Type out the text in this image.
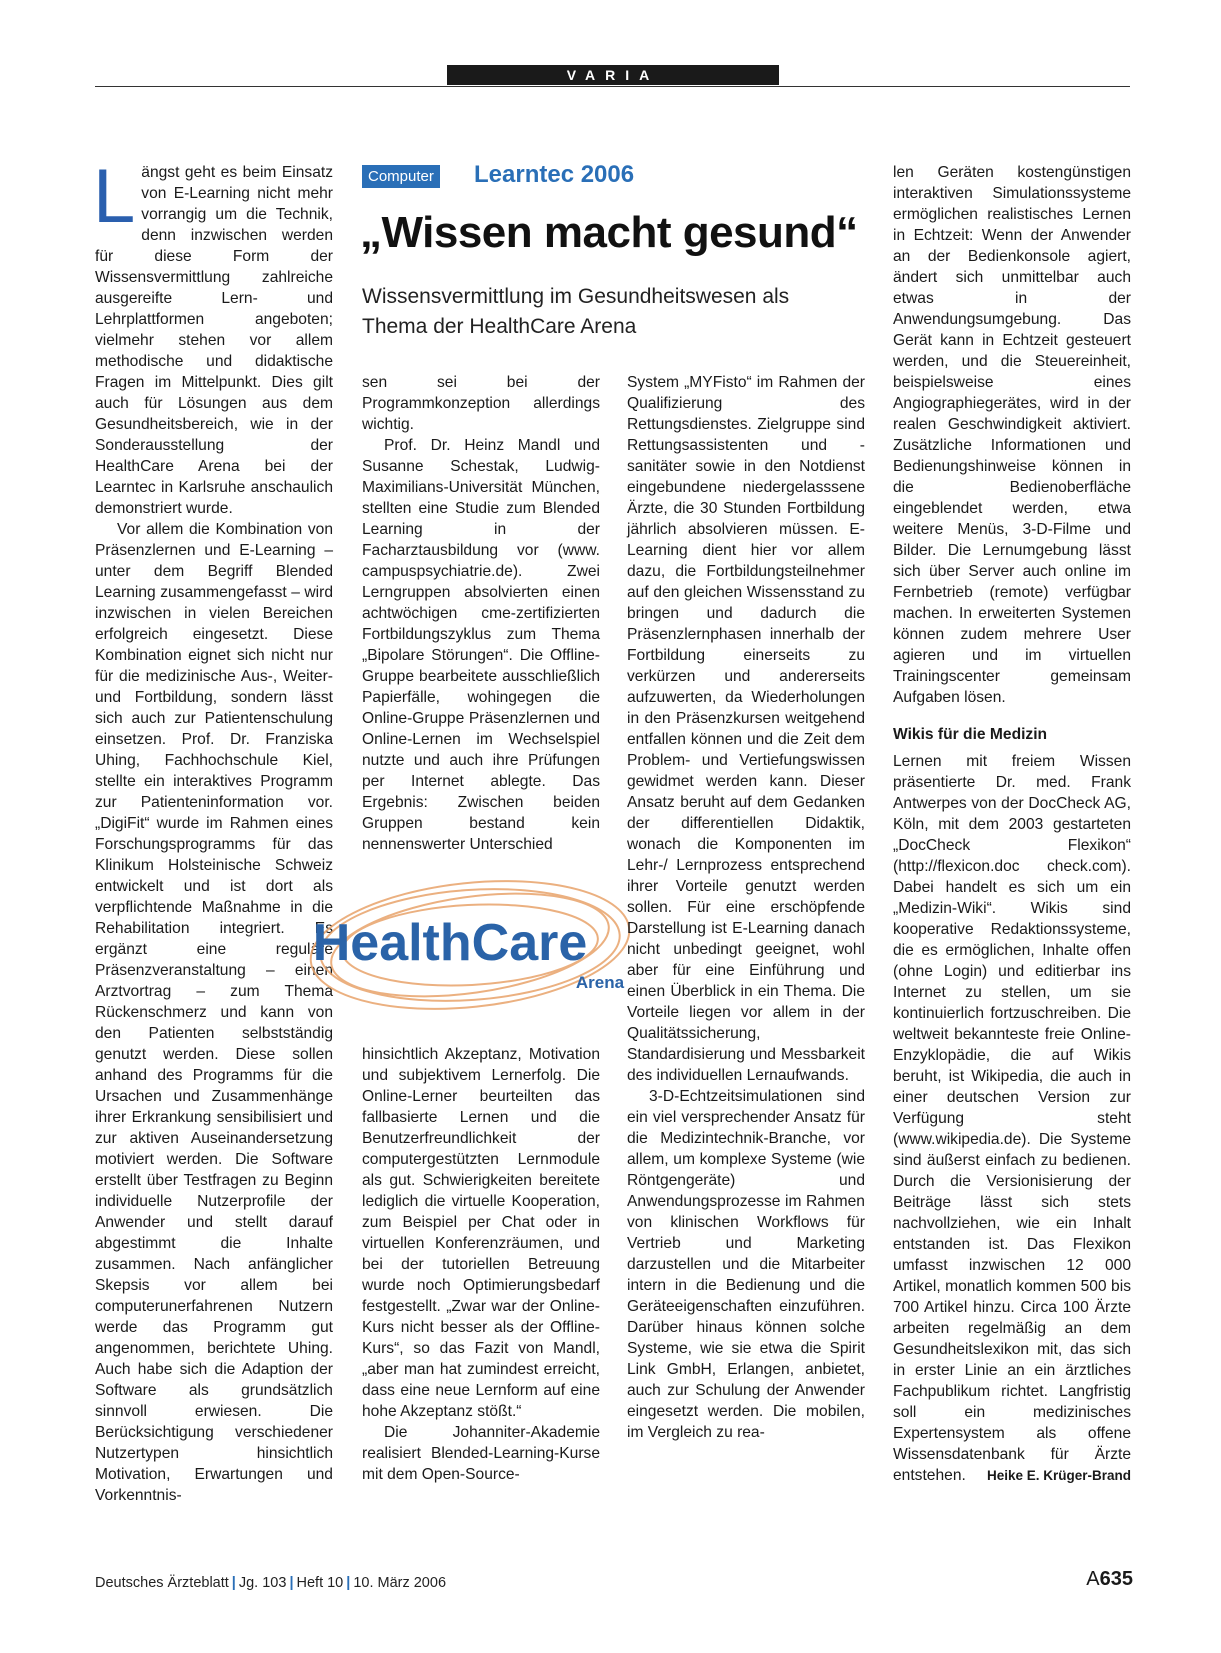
VARIA

Längst geht es beim Einsatz von E-Learning nicht mehr vorrangig um die Technik, denn inzwischen werden für diese Form der Wissensvermittlung zahlreiche ausgereifte Lern- und Lehrplattformen angeboten; vielmehr stehen vor allem methodische und didaktische Fragen im Mittelpunkt. Dies gilt auch für Lösungen aus dem Gesundheitsbereich, wie in der Sonderausstellung der HealthCare Arena bei der Learntec in Karlsruhe anschaulich demonstriert wurde.

Vor allem die Kombination von Präsenzlernen und E-Learning – unter dem Begriff Blended Learning zusammengefasst – wird inzwischen in vielen Bereichen erfolgreich eingesetzt. Diese Kombination eignet sich nicht nur für die medizinische Aus-, Weiter- und Fortbildung, sondern lässt sich auch zur Patientenschulung einsetzen. Prof. Dr. Franziska Uhing, Fachhochschule Kiel, stellte ein interaktives Programm zur Patienteninformation vor. „DigiFit“ wurde im Rahmen eines Forschungsprogramms für das Klinikum Holsteinische Schweiz entwickelt und ist dort als verpflichtende Maßnahme in die Rehabilitation integriert. Es ergänzt eine reguläre Präsenzveranstaltung – einen Arztvortrag – zum Thema Rückenschmerz und kann von den Patienten selbstständig genutzt werden. Diese sollen anhand des Programms für die Ursachen und Zusammenhänge ihrer Erkrankung sensibilisiert und zur aktiven Auseinandersetzung motiviert werden. Die Software erstellt über Testfragen zu Beginn individuelle Nutzerprofile der Anwender und stellt darauf abgestimmt die Inhalte zusammen. Nach anfänglicher Skepsis vor allem bei computerunerfahrenen Nutzern werde das Programm gut angenommen, berichtete Uhing. Auch habe sich die Adaption der Software als grundsätzlich sinnvoll erwiesen. Die Berücksichtigung verschiedener Nutzertypen hinsichtlich Motivation, Erwartungen und Vorkenntnis-

Computer Learntec 2006
„Wissen macht gesund“
Wissensvermittlung im Gesundheitswesen als Thema der HealthCare Arena

sen sei bei der Programmkonzeption allerdings wichtig.

Prof. Dr. Heinz Mandl und Susanne Schestak, Ludwig-Maximilians-Universität München, stellten eine Studie zum Blended Learning in der Facharztausbildung vor (www. campuspsychiatrie.de). Zwei Lerngruppen absolvierten einen achtwöchigen cme-zertifizierten Fortbildungszyklus zum Thema „Bipolare Störungen“. Die Offline-Gruppe bearbeitete ausschließlich Papierfälle, wohingegen die Online-Gruppe Präsenzlernen und Online-Lernen im Wechselspiel nutzte und auch ihre Prüfungen per Internet ablegte. Das Ergebnis: Zwischen beiden Gruppen bestand kein nennenswerter Unterschied

HealthCare
Arena

hinsichtlich Akzeptanz, Motivation und subjektivem Lernerfolg. Die Online-Lerner beurteilten das fallbasierte Lernen und die Benutzerfreundlichkeit der computergestützten Lernmodule als gut. Schwierigkeiten bereitete lediglich die virtuelle Kooperation, zum Beispiel per Chat oder in virtuellen Konferenzräumen, und bei der tutoriellen Betreuung wurde noch Optimierungsbedarf festgestellt. „Zwar war der Online-Kurs nicht besser als der Offline-Kurs“, so das Fazit von Mandl, „aber man hat zumindest erreicht, dass eine neue Lernform auf eine hohe Akzeptanz stößt.“

Die Johanniter-Akademie realisiert Blended-Learning-Kurse mit dem Open-Source-

System „MYFisto“ im Rahmen der Qualifizierung des Rettungsdienstes. Zielgruppe sind Rettungsassistenten und -sanitäter sowie in den Notdienst eingebundene niedergelasssene Ärzte, die 30 Stunden Fortbildung jährlich absolvieren müssen. E-Learning dient hier vor allem dazu, die Fortbildungsteilnehmer auf den gleichen Wissensstand zu bringen und dadurch die Präsenzlernphasen innerhalb der Fortbildung einerseits zu verkürzen und andererseits aufzuwerten, da Wiederholungen in den Präsenzkursen weitgehend entfallen können und die Zeit dem Problem- und Vertiefungswissen gewidmet werden kann. Dieser Ansatz beruht auf dem Gedanken der differentiellen Didaktik, wonach die Komponenten im Lehr-/ Lernprozess entsprechend ihrer Vorteile genutzt werden sollen. Für eine erschöpfende Darstellung ist E-Learning danach nicht unbedingt geeignet, wohl aber für eine Einführung und einen Überblick in ein Thema. Die Vorteile liegen vor allem in der Qualitätssicherung, Standardisierung und Messbarkeit des individuellen Lernaufwands.

3-D-Echtzeitsimulationen sind ein viel versprechender Ansatz für die Medizintechnik-Branche, vor allem, um komplexe Systeme (wie Röntgengeräte) und Anwendungsprozesse im Rahmen von klinischen Workflows für Vertrieb und Marketing darzustellen und die Mitarbeiter intern in die Bedienung und die Geräteeigenschaften einzuführen. Darüber hinaus können solche Systeme, wie sie etwa die Spirit Link GmbH, Erlangen, anbietet, auch zur Schulung der Anwender eingesetzt werden. Die mobilen, im Vergleich zu rea-

len Geräten kostengünstigen interaktiven Simulationssysteme ermöglichen realistisches Lernen in Echtzeit: Wenn der Anwender an der Bedienkonsole agiert, ändert sich unmittelbar auch etwas in der Anwendungsumgebung. Das Gerät kann in Echtzeit gesteuert werden, und die Steuereinheit, beispielsweise eines Angiographiegerätes, wird in der realen Geschwindigkeit aktiviert. Zusätzliche Informationen und Bedienungshinweise können in die Bedienoberfläche eingeblendet werden, etwa weitere Menüs, 3-D-Filme und Bilder. Die Lernumgebung lässt sich über Server auch online im Fernbetrieb (remote) verfügbar machen. In erweiterten Systemen können zudem mehrere User agieren und im virtuellen Trainingscenter gemeinsam Aufgaben lösen.

Wikis für die Medizin

Lernen mit freiem Wissen präsentierte Dr. med. Frank Antwerpes von der DocCheck AG, Köln, mit dem 2003 gestarteten „DocCheck Flexikon“ (http://flexicon.doc check.com). Dabei handelt es sich um ein „Medizin-Wiki“. Wikis sind kooperative Redaktionssysteme, die es ermöglichen, Inhalte offen (ohne Login) und editierbar ins Internet zu stellen, um sie kontinuierlich fortzuschreiben. Die weltweit bekannteste freie Online-Enzyklopädie, die auf Wikis beruht, ist Wikipedia, die auch in einer deutschen Version zur Verfügung steht (www.wikipedia.de). Die Systeme sind äußerst einfach zu bedienen. Durch die Versionisierung der Beiträge lässt sich stets nachvollziehen, wie ein Inhalt entstanden ist. Das Flexikon umfasst inzwischen 12 000 Artikel, monatlich kommen 500 bis 700 Artikel hinzu. Circa 100 Ärzte arbeiten regelmäßig an dem Gesundheitslexikon mit, das sich in erster Linie an ein ärztliches Fachpublikum richtet. Langfristig soll ein medizinisches Expertensystem als offene Wissensdatenbank für Ärzte entstehen. Heike E. Krüger-Brand

Deutsches Ärzteblatt | Jg. 103 | Heft 10 | 10. März 2006	A635
